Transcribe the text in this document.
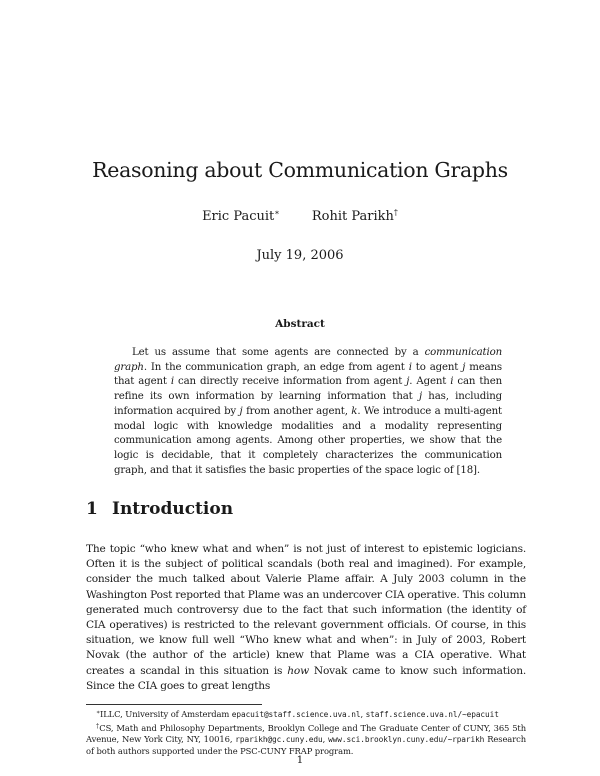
Reasoning about Communication Graphs
Eric Pacuit∗ Rohit Parikh†
July 19, 2006
Abstract

Let us assume that some agents are connected by a communication graph. In the communication graph, an edge from agent i to agent j means that agent i can directly receive information from agent j. Agent i can then refine its own information by learning information that j has, including information acquired by j from another agent, k. We introduce a multi-agent modal logic with knowledge modalities and a modality representing communication among agents. Among other properties, we show that the logic is decidable, that it completely characterizes the communication graph, and that it satisfies the basic properties of the space logic of [18].

1 Introduction

The topic “who knew what and when” is not just of interest to epistemic logicians. Often it is the subject of political scandals (both real and imagined). For example, consider the much talked about Valerie Plame affair. A July 2003 column in the Washington Post reported that Plame was an undercover CIA operative. This column generated much controversy due to the fact that such information (the identity of CIA operatives) is restricted to the relevant government officials. Of course, in this situation, we know full well “Who knew what and when”: in July of 2003, Robert Novak (the author of the article) knew that Plame was a CIA operative. What creates a scandal in this situation is how Novak came to know such information. Since the CIA goes to great lengths

∗ILLC, University of Amsterdam epacuit@staff.science.uva.nl, staff.science.uva.nl/∼epacuit

†CS, Math and Philosophy Departments, Brooklyn College and The Graduate Center of CUNY, 365 5th Avenue, New York City, NY, 10016, rparikh@gc.cuny.edu, www.sci.brooklyn.cuny.edu/∼rparikh Research of both authors supported under the PSC-CUNY FRAP program.

1
